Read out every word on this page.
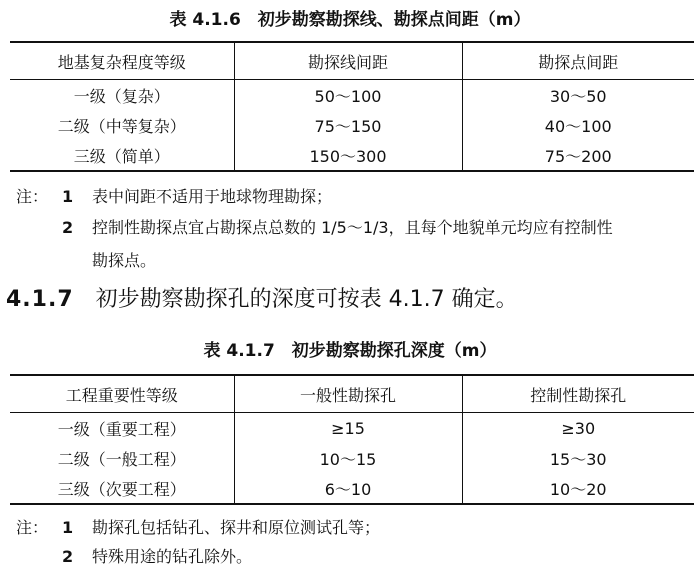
表 4.1.6　初步勘察勘探线、勘探点间距（m）
地基复杂程度等级	勘探线间距	勘探点间距
一级（复杂）	50～100	30～50
二级（中等复杂）	75～150	40～100
三级（简单）	150～300	75～200
注： 1 表中间距不适用于地球物理勘探；
2 控制性勘探点宜占勘探点总数的 1/5～1/3，且每个地貌单元均应有控制性
勘探点。
4.1.7 初步勘察勘探孔的深度可按表 4.1.7 确定。
表 4.1.7　初步勘察勘探孔深度（m）
工程重要性等级	一般性勘探孔	控制性勘探孔
一级（重要工程）	≥15	≥30
二级（一般工程）	10～15	15～30
三级（次要工程）	6～10	10～20
注： 1 勘探孔包括钻孔、探井和原位测试孔等；
2 特殊用途的钻孔除外。
